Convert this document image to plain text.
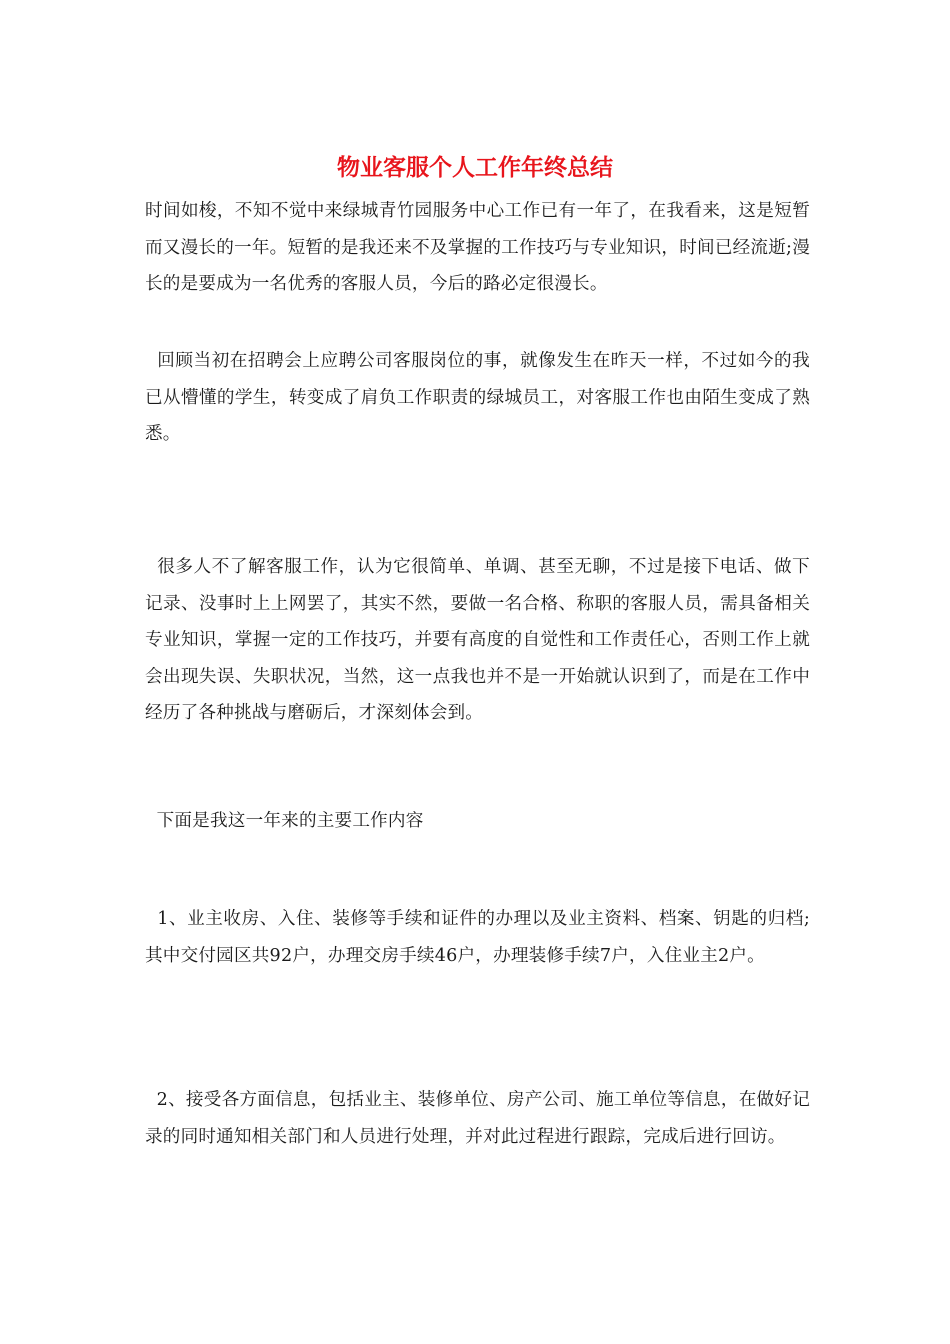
物业客服个人工作年终总结

时间如梭，不知不觉中来绿城青竹园服务中心工作已有一年了，在我看来，这是短暂而又漫长的一年。短暂的是我还来不及掌握的工作技巧与专业知识，时间已经流逝;漫长的是要成为一名优秀的客服人员，今后的路必定很漫长。

回顾当初在招聘会上应聘公司客服岗位的事，就像发生在昨天一样，不过如今的我已从懵懂的学生，转变成了肩负工作职责的绿城员工，对客服工作也由陌生变成了熟悉。

很多人不了解客服工作，认为它很简单、单调、甚至无聊，不过是接下电话、做下记录、没事时上上网罢了，其实不然，要做一名合格、称职的客服人员，需具备相关专业知识，掌握一定的工作技巧，并要有高度的自觉性和工作责任心，否则工作上就会出现失误、失职状况，当然，这一点我也并不是一开始就认识到了，而是在工作中经历了各种挑战与磨砺后，才深刻体会到。

下面是我这一年来的主要工作内容

1、业主收房、入住、装修等手续和证件的办理以及业主资料、档案、钥匙的归档;其中交付园区共92户，办理交房手续46户，办理装修手续7户，入住业主2户。

2、接受各方面信息，包括业主、装修单位、房产公司、施工单位等信息，在做好记录的同时通知相关部门和人员进行处理，并对此过程进行跟踪，完成后进行回访。
